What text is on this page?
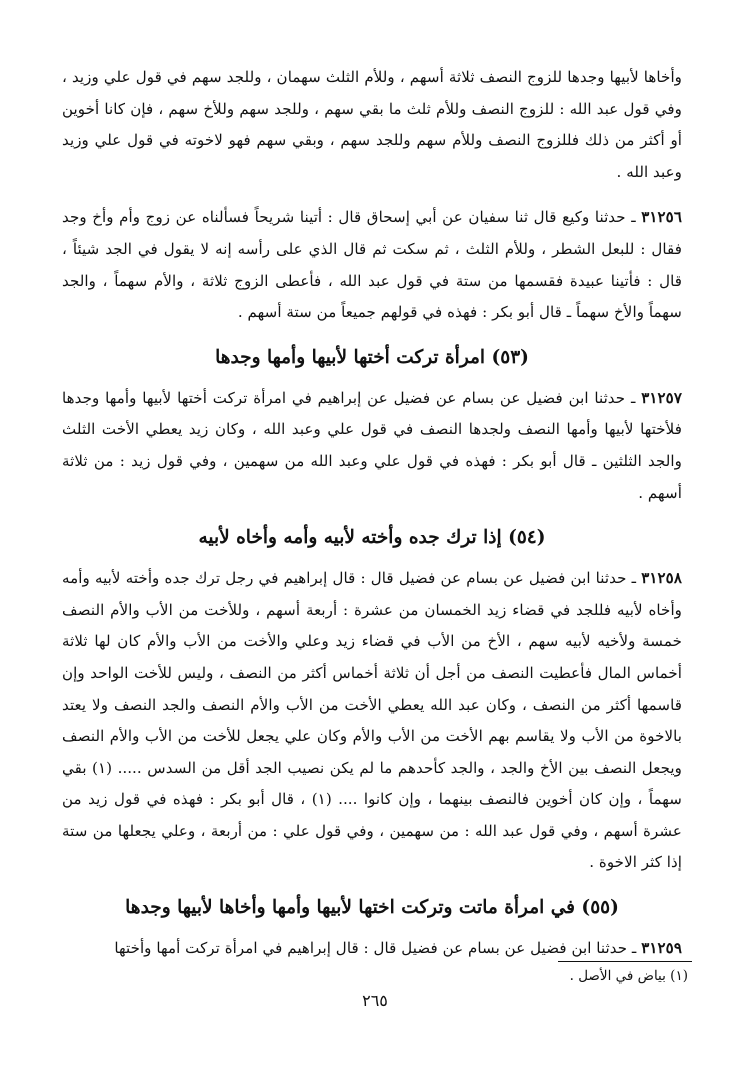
وأخاها لأبيها وجدها للزوج النصف ثلاثة أسهم ، وللأم الثلث سهمان ، وللجد سهم في قول علي وزيد ، وفي قول عبد الله : للزوج النصف وللأم ثلث ما بقي سهم ، وللجد سهم وللأخ سهم ، فإن كانا أخوين أو أكثر من ذلك فللزوج النصف وللأم سهم وللجد سهم ، وبقي سهم فهو لاخوته في قول علي وزيد وعبد الله .

٣١٢٥٦ ـ حدثنا وكيع قال ثنا سفيان عن أبي إسحاق قال : أتينا شريحاً فسألناه عن زوج وأم وأخ وجد فقال : للبعل الشطر ، وللأم الثلث ، ثم سكت ثم قال الذي على رأسه إنه لا يقول في الجد شيئاً ، قال : فأتينا عبيدة فقسمها من ستة في قول عبد الله ، فأعطى الزوج ثلاثة ، والأم سهماً ، والجد سهماً والأخ سهماً ـ قال أبو بكر : فهذه في قولهم جميعاً من ستة أسهم .

(٥٣) امرأة تركت أختها لأبيها وأمها وجدها

٣١٢٥٧ ـ حدثنا ابن فضيل عن بسام عن فضيل عن إبراهيم في امرأة تركت أختها لأبيها وأمها وجدها فلأختها لأبيها وأمها النصف ولجدها النصف في قول علي وعبد الله ، وكان زيد يعطي الأخت الثلث والجد الثلثين ـ قال أبو بكر : فهذه في قول علي وعبد الله من سهمين ، وفي قول زيد : من ثلاثة أسهم .

(٥٤) إذا ترك جده وأخته لأبيه وأمه وأخاه لأبيه

٣١٢٥٨ ـ حدثنا ابن فضيل عن بسام عن فضيل قال : قال إبراهيم في رجل ترك جده وأخته لأبيه وأمه وأخاه لأبيه فللجد في قضاء زيد الخمسان من عشرة : أربعة أسهم ، وللأخت من الأب والأم النصف خمسة ولأخيه لأبيه سهم ، الأخ من الأب في قضاء زيد وعلي والأخت من الأب والأم كان لها ثلاثة أخماس المال فأعطيت النصف من أجل أن ثلاثة أخماس أكثر من النصف ، وليس للأخت الواحد وإن قاسمها أكثر من النصف ، وكان عبد الله يعطي الأخت من الأب والأم النصف والجد النصف ولا يعتد بالاخوة من الأب ولا يقاسم بهم الأخت من الأب والأم وكان علي يجعل للأخت من الأب والأم النصف ويجعل النصف بين الأخ والجد ، والجد كأحدهم ما لم يكن نصيب الجد أقل من السدس ..... (١) بقي سهماً ، وإن كان أخوين فالنصف بينهما ، وإن كانوا .... (١) ، قال أبو بكر : فهذه في قول زيد من عشرة أسهم ، وفي قول عبد الله : من سهمين ، وفي قول علي : من أربعة ، وعلي يجعلها من ستة إذا كثر الاخوة .

(٥٥) في امرأة ماتت وتركت اختها لأبيها وأمها وأخاها لأبيها وجدها

٣١٢٥٩ ـ حدثنا ابن فضيل عن بسام عن فضيل قال : قال إبراهيم في امرأة تركت أمها وأختها

(١) بياض في الأصل .
٢٦٥
